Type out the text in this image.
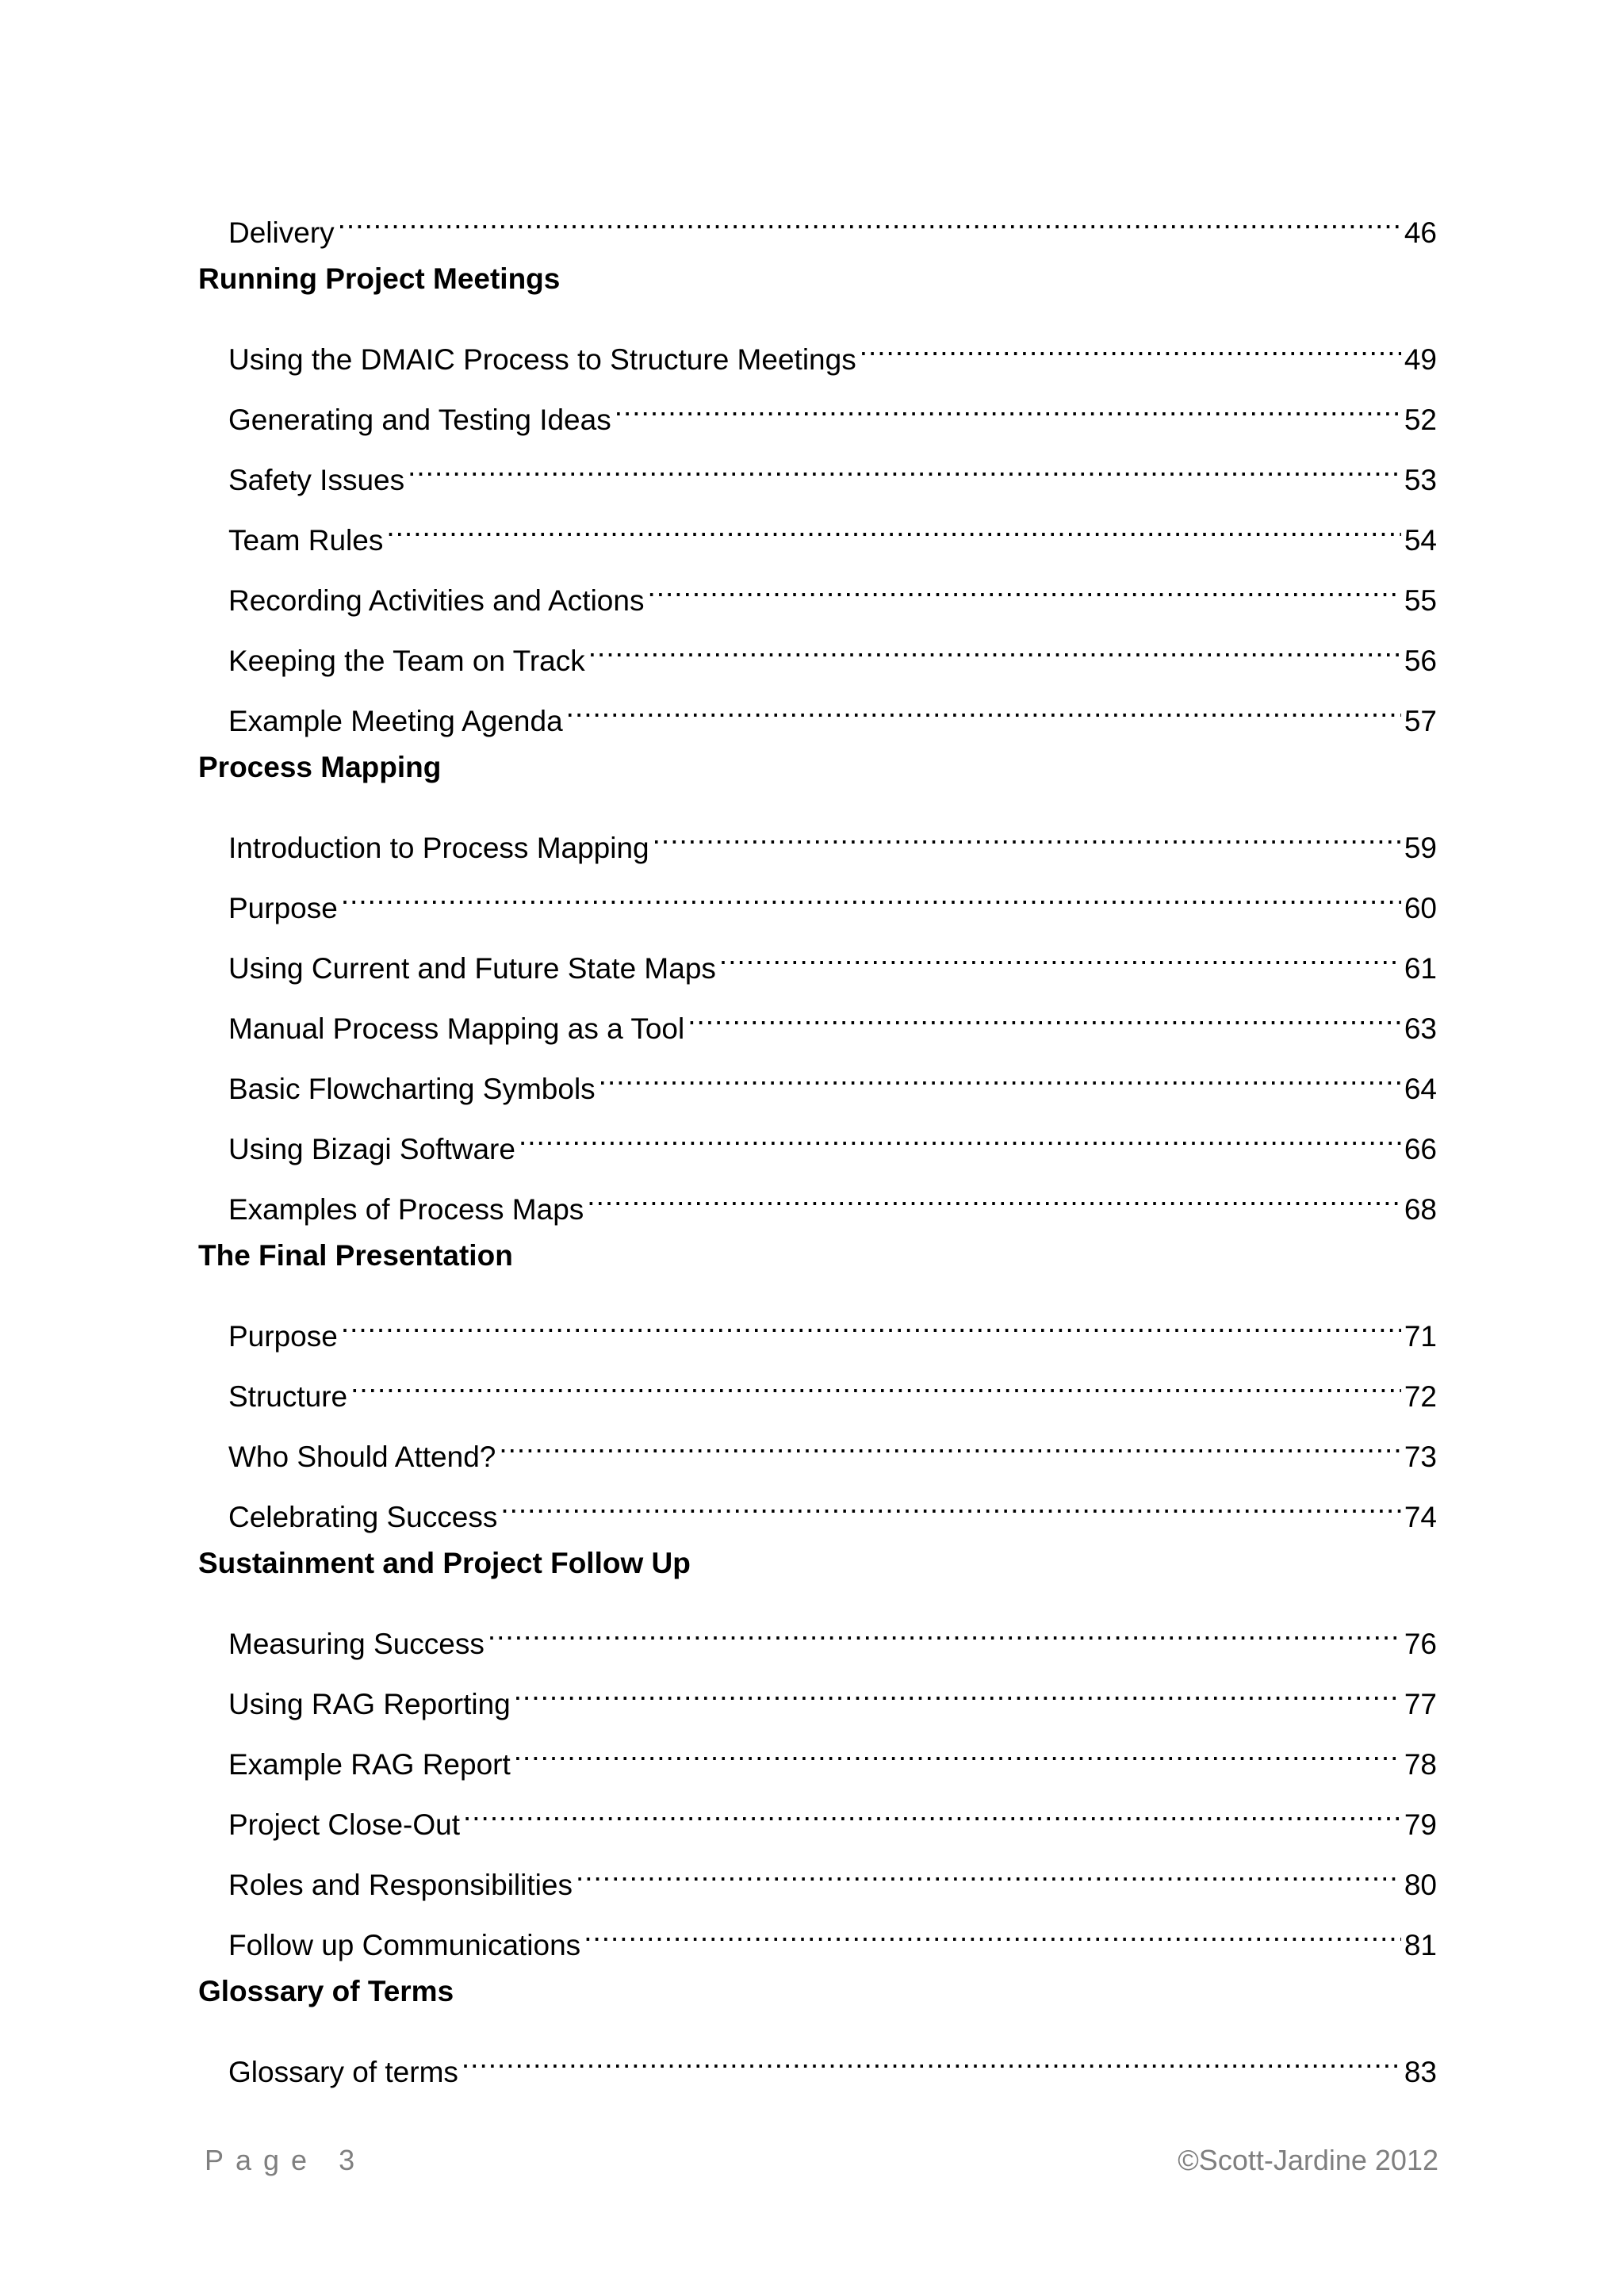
Delivery .....	46
Running Project Meetings
Using the DMAIC Process to Structure Meetings .....	49
Generating and Testing Ideas .....	52
Safety Issues .....	53
Team Rules .....	54
Recording Activities and Actions .....	55
Keeping the Team on Track .....	56
Example Meeting Agenda .....	57
Process Mapping
Introduction to Process Mapping .....	59
Purpose .....	60
Using Current and Future State Maps .....	61
Manual Process Mapping as a Tool .....	63
Basic Flowcharting Symbols .....	64
Using Bizagi Software .....	66
Examples of Process Maps .....	68
The Final Presentation
Purpose .....	71
Structure .....	72
Who Should Attend? .....	73
Celebrating Success .....	74
Sustainment and Project Follow Up
Measuring Success .....	76
Using RAG Reporting .....	77
Example RAG Report .....	78
Project Close-Out .....	79
Roles and Responsibilities .....	80
Follow up Communications .....	81
Glossary of Terms
Glossary of terms .....	83
Page 3	©Scott-Jardine 2012
